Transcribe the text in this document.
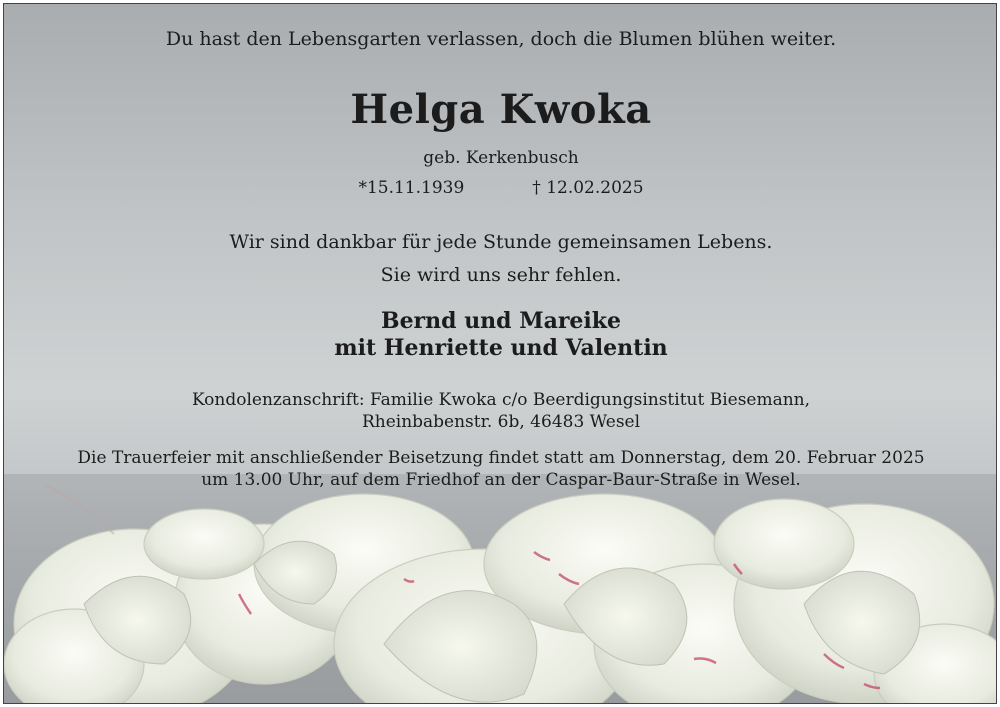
Du hast den Lebensgarten verlassen, doch die Blumen blühen weiter.
Helga Kwoka
geb. Kerkenbusch
*15.11.1939	† 12.02.2025
Wir sind dankbar für jede Stunde gemeinsamen Lebens.
Sie wird uns sehr fehlen.
Bernd und Mareike
mit Henriette und Valentin
Kondolenzanschrift: Familie Kwoka c/o Beerdigungsinstitut Biesemann,
Rheinbabenstr. 6b, 46483 Wesel
Die Trauerfeier mit anschließender Beisetzung findet statt am Donnerstag, dem 20. Februar 2025
um 13.00 Uhr, auf dem Friedhof an der Caspar-Baur-Straße in Wesel.
